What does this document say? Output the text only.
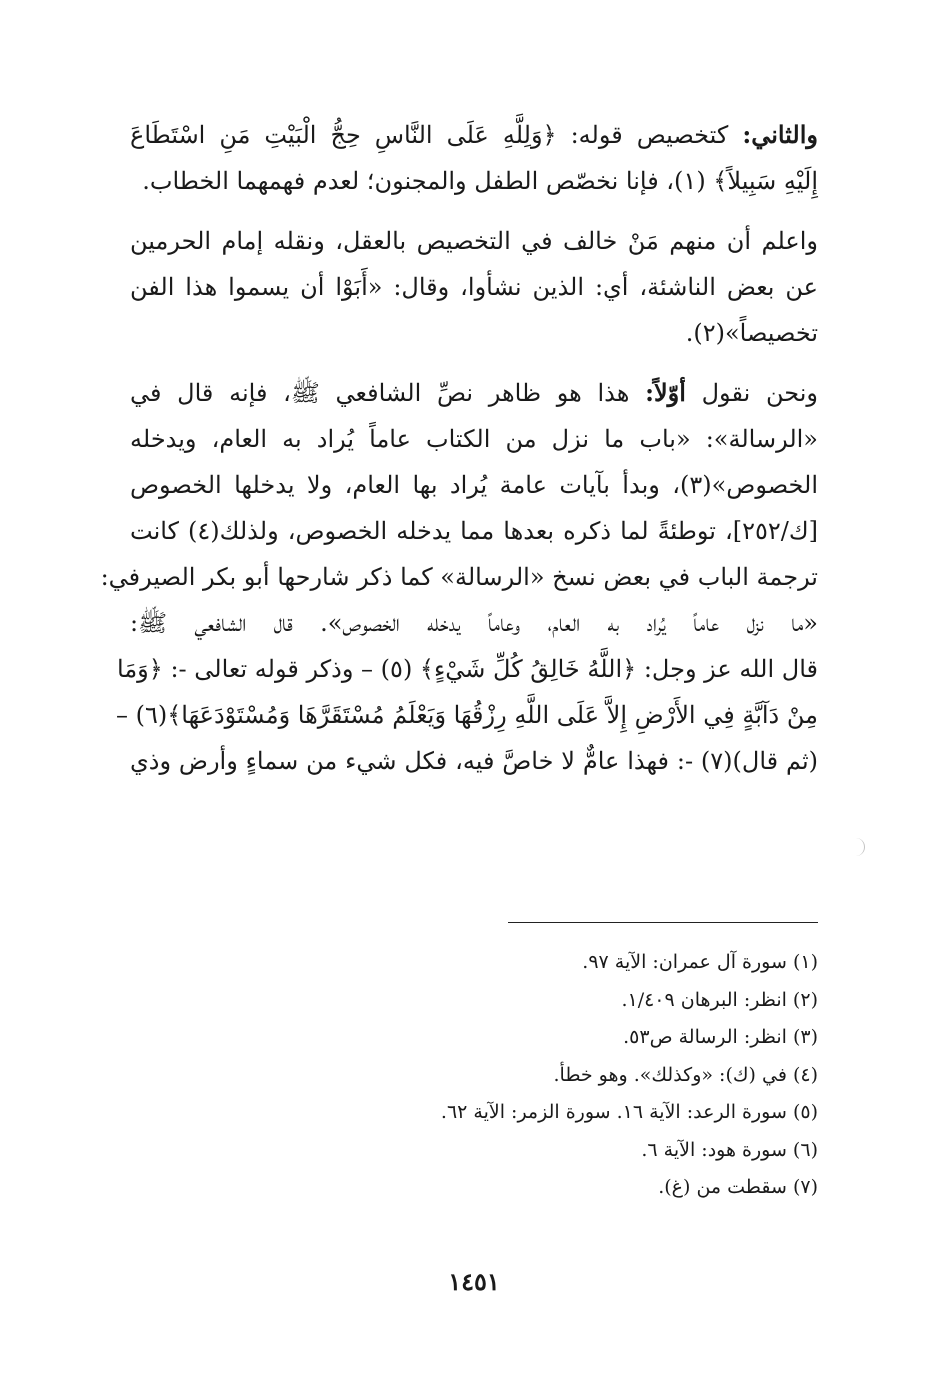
والثاني: كتخصيص قوله: ﴿وَلِلَّهِ عَلَى النَّاسِ حِجُّ الْبَيْتِ مَنِ اسْتَطَاعَ
إِلَيْهِ سَبِيلاً﴾ (١)، فإنا نخصّص الطفل والمجنون؛ لعدم فهمهما الخطاب.

واعلم أن منهم مَنْ خالف في التخصيص بالعقل، ونقله إمام الحرمين
عن بعض الناشئة، أي: الذين نشأوا، وقال: «أَبَوْا أن يسموا هذا الفن
تخصيصاً»(٢).

ونحن نقول أوّلاً: هذا هو ظاهر نصِّ الشافعي ﷺ، فإنه قال في
«الرسالة»: «باب ما نزل من الكتاب عاماً يُراد به العام، ويدخله
الخصوص»(٣)، وبدأ بآيات عامة يُراد بها العام، ولا يدخلها الخصوص
[ك/٢٥٢]، توطئةً لما ذكره بعدها مما يدخله الخصوص، ولذلك(٤) كانت
ترجمة الباب في بعض نسخ «الرسالة» كما ذكر شارحها أبو بكر الصيرفي:
«ما نزل عاماً يُراد به العام، وعاماً يدخله الخصوص». قال الشافعي ﷺ:
قال الله عز وجل: ﴿اللَّهُ خَالِقُ كُلِّ شَيْءٍ﴾ (٥) – وذكر قوله تعالى -: ﴿وَمَا
مِنْ دَآبَّةٍ فِي الأَرْضِ إِلاَّ عَلَى اللَّهِ رِزْقُهَا وَيَعْلَمُ مُسْتَقَرَّهَا وَمُسْتَوْدَعَهَا﴾(٦) –
(ثم قال)(٧) -: فهذا عامٌّ لا خاصَّ فيه، فكل شيء من سماءٍ وأرض وذي

(١) سورة آل عمران: الآية ٩٧.
(٢) انظر: البرهان ١/٤٠٩.
(٣) انظر: الرسالة ص٥٣.
(٤) في (ك): «وكذلك». وهو خطأ.
(٥) سورة الرعد: الآية ١٦. سورة الزمر: الآية ٦٢.
(٦) سورة هود: الآية ٦.
(٧) سقطت من (غ).
١٤٥١
